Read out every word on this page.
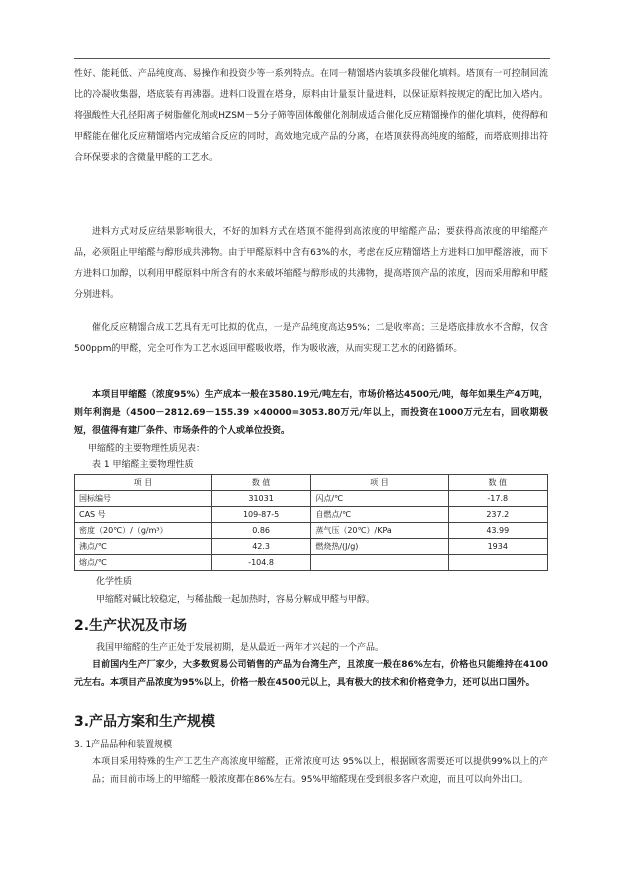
性好、能耗低、产品纯度高、易操作和投资少等一系列特点。在同一精馏塔内装填多段催化填料。塔顶有一可控制回流比的冷凝收集器，塔底装有再沸器。进料口设置在塔身，原料由计量泵计量进料，以保证原料按规定的配比加入塔内。将强酸性大孔径阳离子树脂催化剂或HZSM－5分子筛等固体酸催化剂制成适合催化反应精馏操作的催化填料，使得醇和甲醛能在催化反应精馏塔内完成缩合反应的同时，高效地完成产品的分离，在塔顶获得高纯度的缩醛，而塔底则排出符合环保要求的含微量甲醛的工艺水。

进料方式对反应结果影响很大，不好的加料方式在塔顶不能得到高浓度的甲缩醛产品；要获得高浓度的甲缩醛产品，必须阻止甲缩醛与醇形成共沸物。由于甲醛原料中含有63%的水，考虑在反应精馏塔上方进料口加甲醛溶液，而下方进料口加醇，以利用甲醛原料中所含有的水来破坏缩醛与醇形成的共沸物，提高塔顶产品的浓度，因而采用醇和甲醛分别进料。

催化反应精馏合成工艺具有无可比拟的优点，一是产品纯度高达95%；二是收率高；三是塔底排放水不含醇，仅含500ppm的甲醛，完全可作为工艺水返回甲醛吸收塔，作为吸收液，从而实现工艺水的闭路循环。

本项目甲缩醛（浓度95%）生产成本一般在3580.19元/吨左右，市场价格达4500元/吨，每年如果生产4万吨，则年利润是（4500－2812.69－155.39 ×40000=3053.80万元/年以上，而投资在1000万元左右，回收期极短，很值得有建厂条件、市场条件的个人或单位投资。

甲缩醛的主要物理性质见表：

表 1 甲缩醛主要物理性质

项 目	数 值	项 目	数 值
国标编号	31031	闪点/℃	-17.8
CAS 号	109-87-5	自燃点/℃	237.2
密度（20℃）/（g/m³）	0.86	蒸气压（20℃）/KPa	43.99
沸点/℃	42.3	燃烧热/(J/g)	1934
熔点/℃	-104.8		

化学性质

甲缩醛对碱比较稳定，与稀盐酸一起加热时，容易分解成甲醛与甲醇。

2.生产状况及市场

我国甲缩醛的生产正处于发展初期，是从最近一两年才兴起的一个产品。

目前国内生产厂家少，大多数贸易公司销售的产品为台湾生产，且浓度一般在86%左右，价格也只能维持在4100元左右。本项目产品浓度为95%以上，价格一般在4500元以上，具有极大的技术和价格竞争力，还可以出口国外。

3.产品方案和生产规模

3. 1产品品种和装置规模

本项目采用特殊的生产工艺生产高浓度甲缩醛，正常浓度可达 95%以上，根据顾客需要还可以提供99%以上的产品；而目前市场上的甲缩醛一般浓度都在86%左右。95%甲缩醛现在受到很多客户欢迎，而且可以向外出口。
